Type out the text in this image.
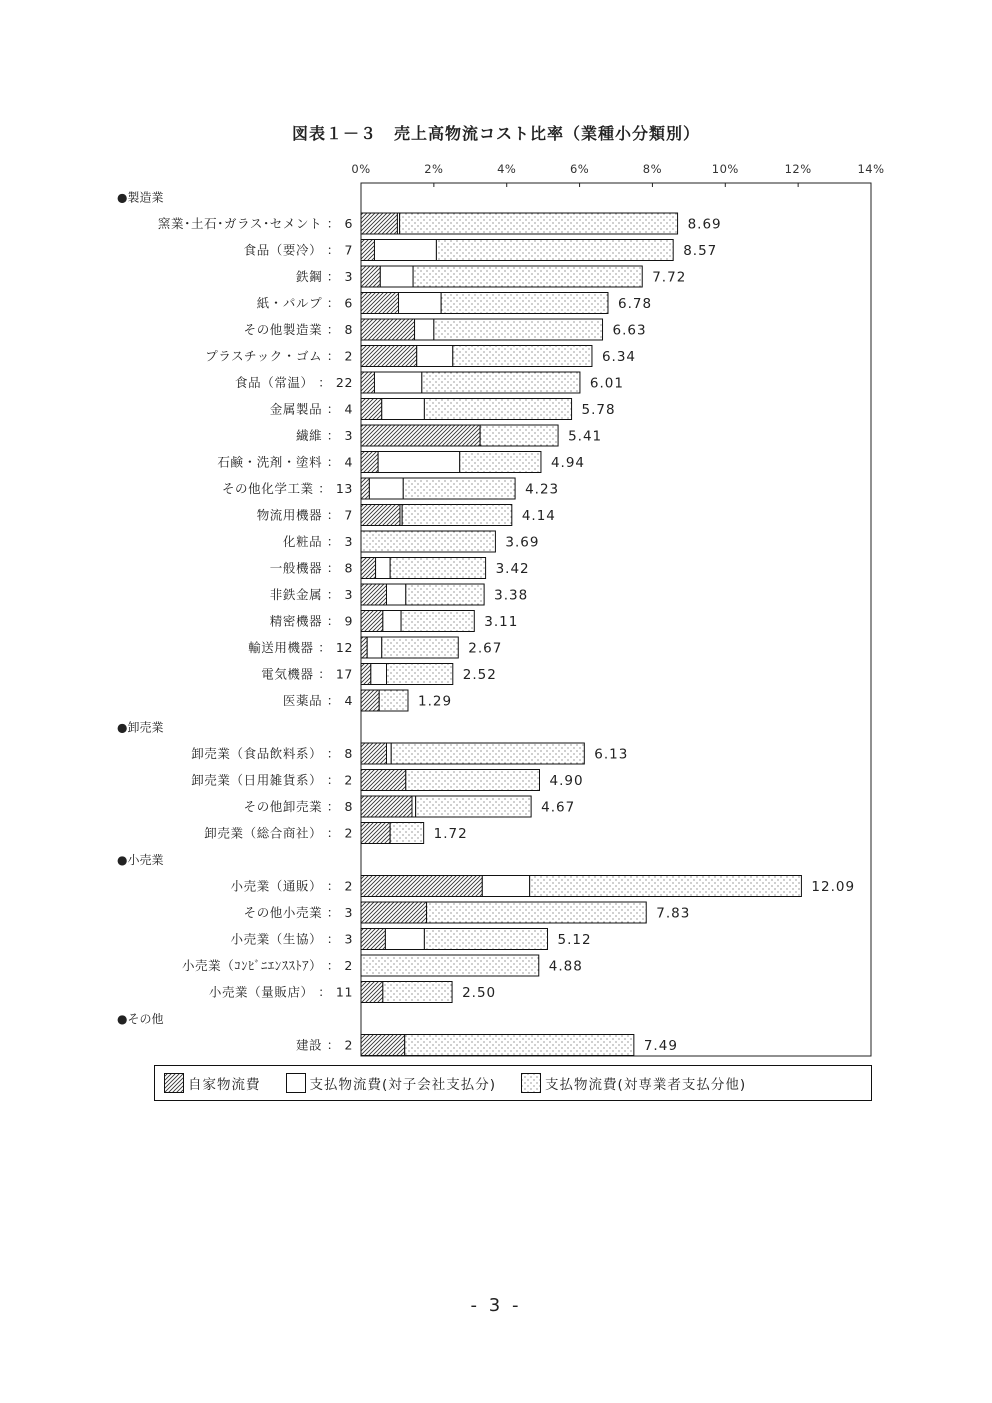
図表１－３　売上高物流コスト比率（業種小分類別）
0%	2%	4%	6%	8%	10%	12%	14%
●製造業
窯業･土石･ガラス･セメント ： 6	8.69
食品（要冷） ： 7	8.57
鉄鋼 ： 3	7.72
紙・パルプ ： 6	6.78
その他製造業 ： 8	6.63
プラスチック・ゴム ： 2	6.34
食品（常温） ： 22	6.01
金属製品 ： 4	5.78
繊維 ： 3	5.41
石鹸・洗剤・塗料 ： 4	4.94
その他化学工業 ： 13	4.23
物流用機器 ： 7	4.14
化粧品 ： 3	3.69
一般機器 ： 8	3.42
非鉄金属 ： 3	3.38
精密機器 ： 9	3.11
輸送用機器 ： 12	2.67
電気機器 ： 17	2.52
医薬品 ： 4	1.29
●卸売業
卸売業（食品飲料系） ： 8	6.13
卸売業（日用雑貨系） ： 2	4.90
その他卸売業 ： 8	4.67
卸売業（総合商社） ： 2	1.72
●小売業
小売業（通販） ： 2	12.09
その他小売業 ： 3	7.83
小売業（生協） ： 3	5.12
小売業（ｺﾝﾋﾞﾆｴﾝｽｽﾄｱ） ： 2	4.88
小売業（量販店） ： 11	2.50
●その他
建設 ： 2	7.49
自家物流費	支払物流費(対子会社支払分)	支払物流費(対専業者支払分他)
- 3 -
